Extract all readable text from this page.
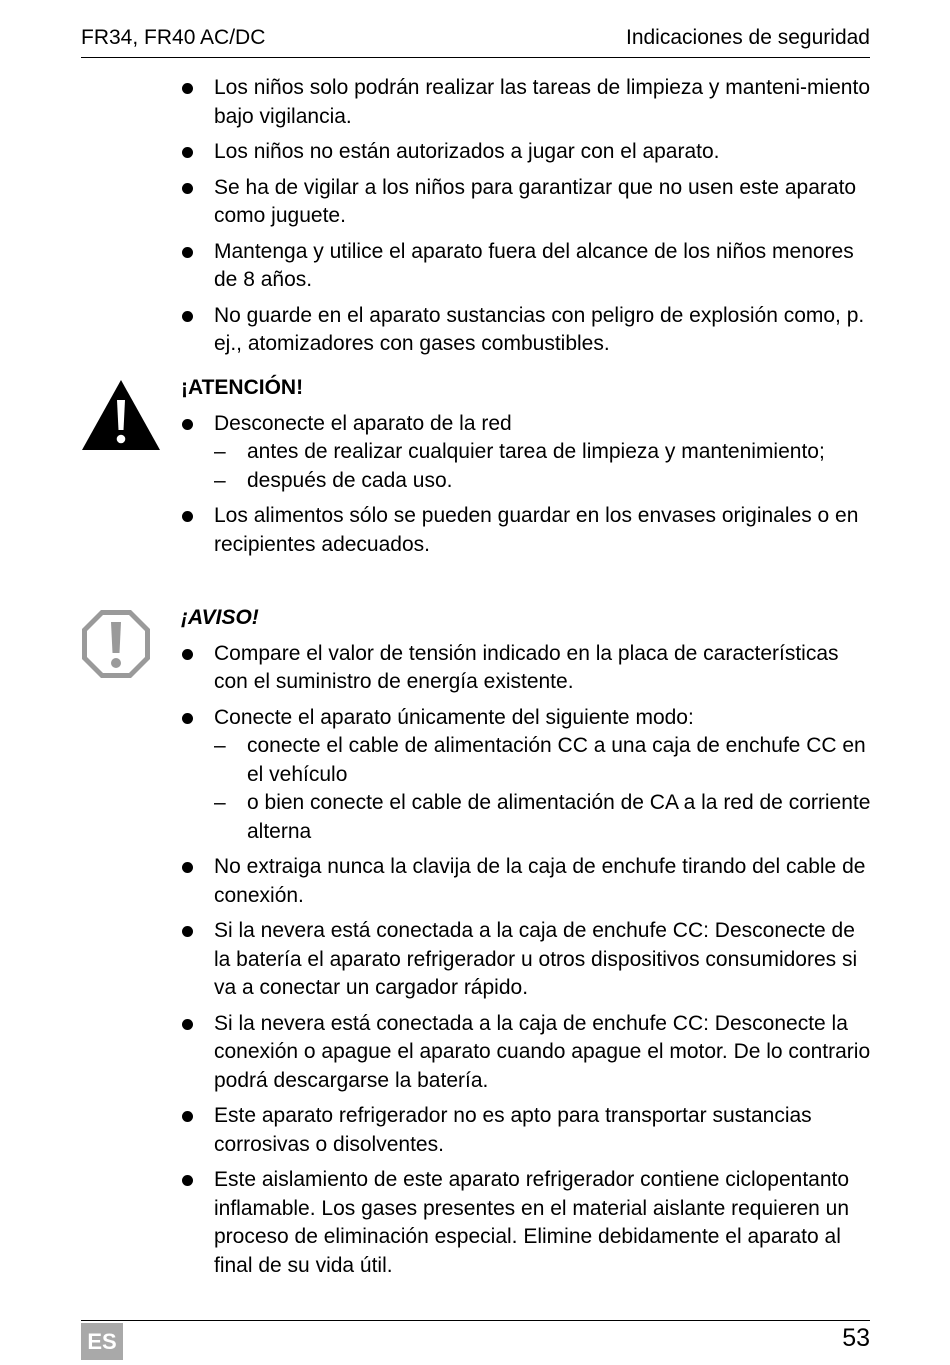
FR34, FR40 AC/DC	Indicaciones de seguridad
Los niños solo podrán realizar las tareas de limpieza y manteni-miento bajo vigilancia.
Los niños no están autorizados a jugar con el aparato.
Se ha de vigilar a los niños para garantizar que no usen este aparato como juguete.
Mantenga y utilice el aparato fuera del alcance de los niños menores de 8 años.
No guarde en el aparato sustancias con peligro de explosión como, p. ej., atomizadores con gases combustibles.
¡ATENCIÓN!
Desconecte el aparato de la red
– antes de realizar cualquier tarea de limpieza y mantenimiento;
– después de cada uso.
Los alimentos sólo se pueden guardar en los envases originales o en recipientes adecuados.
¡AVISO!
Compare el valor de tensión indicado en la placa de características con el suministro de energía existente.
Conecte el aparato únicamente del siguiente modo:
– conecte el cable de alimentación CC a una caja de enchufe CC en el vehículo
– o bien conecte el cable de alimentación de CA a la red de corriente alterna
No extraiga nunca la clavija de la caja de enchufe tirando del cable de conexión.
Si la nevera está conectada a la caja de enchufe CC: Desconecte de la batería el aparato refrigerador u otros dispositivos consumidores si va a conectar un cargador rápido.
Si la nevera está conectada a la caja de enchufe CC: Desconecte la conexión o apague el aparato cuando apague el motor. De lo contrario podrá descargarse la batería.
Este aparato refrigerador no es apto para transportar sustancias corrosivas o disolventes.
Este aislamiento de este aparato refrigerador contiene ciclopentanto inflamable. Los gases presentes en el material aislante requieren un proceso de eliminación especial. Elimine debidamente el aparato al final de su vida útil.
ES	53
